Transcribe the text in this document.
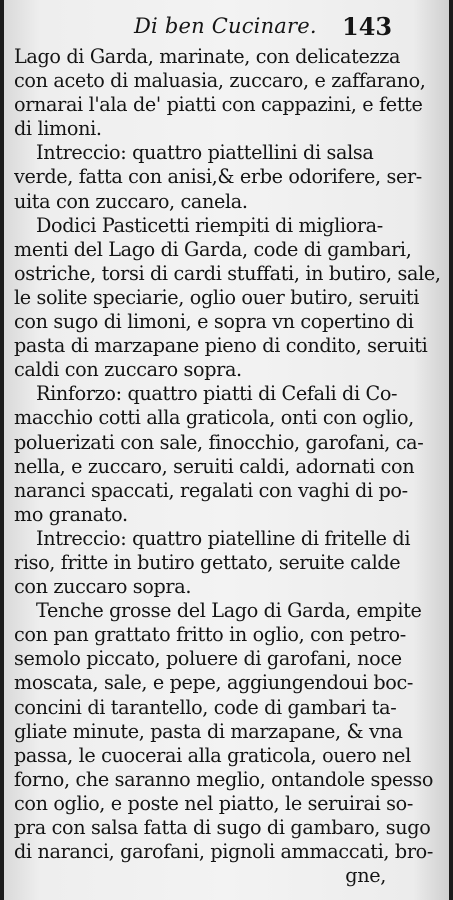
Di ben Cucinare. 143
Lago di Garda, marinate, con delicatezza
con aceto di maluasia, zuccaro, e zaffarano,
ornarai l'ala de' piatti con cappazini, e fette
di limoni.
Intreccio: quattro piattellini di salsa
verde, fatta con anisi,& erbe odorifere, ser-
uita con zuccaro, canela.
Dodici Pasticetti riempiti di migliora-
menti del Lago di Garda, code di gambari,
ostriche, torsi di cardi stuffati, in butiro, sale,
le solite speciarie, oglio ouer butiro, seruiti
con sugo di limoni, e sopra vn copertino di
pasta di marzapane pieno di condito, seruiti
caldi con zuccaro sopra.
Rinforzo: quattro piatti di Cefali di Co-
macchio cotti alla graticola, onti con oglio,
poluerizati con sale, finocchio, garofani, ca-
nella, e zuccaro, seruiti caldi, adornati con
naranci spaccati, regalati con vaghi di po-
mo granato.
Intreccio: quattro piatelline di fritelle di
riso, fritte in butiro gettato, seruite calde
con zuccaro sopra.
Tenche grosse del Lago di Garda, empite
con pan grattato fritto in oglio, con petro-
semolo piccato, poluere di garofani, noce
moscata, sale, e pepe, aggiungendoui boc-
concini di tarantello, code di gambari ta-
gliate minute, pasta di marzapane, & vna
passa, le cuocerai alla graticola, ouero nel
forno, che saranno meglio, ontandole spesso
con oglio, e poste nel piatto, le seruirai so-
pra con salsa fatta di sugo di gambaro, sugo
di naranci, garofani, pignoli ammaccati, bro-
gne,
